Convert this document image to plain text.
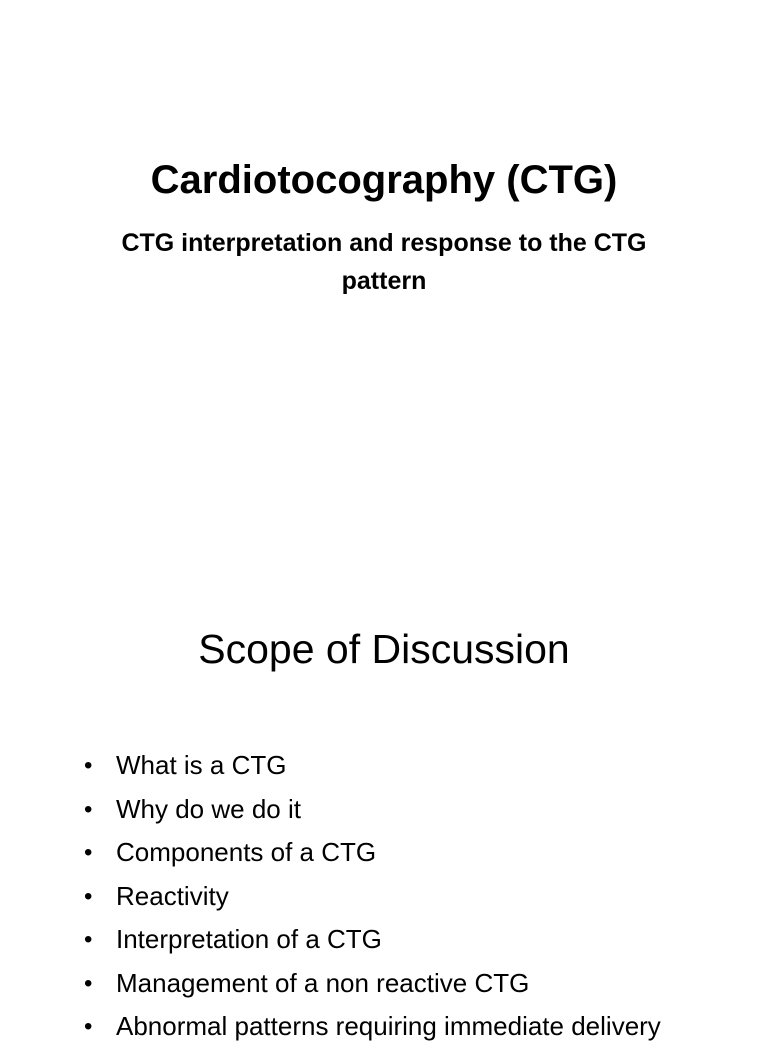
Cardiotocography (CTG)

CTG interpretation and response to the CTG pattern

Scope of Discussion
• What is a CTG
• Why do we do it
• Components of a CTG
• Reactivity
• Interpretation of a CTG
• Management of a non reactive CTG
• Abnormal patterns requiring immediate delivery
